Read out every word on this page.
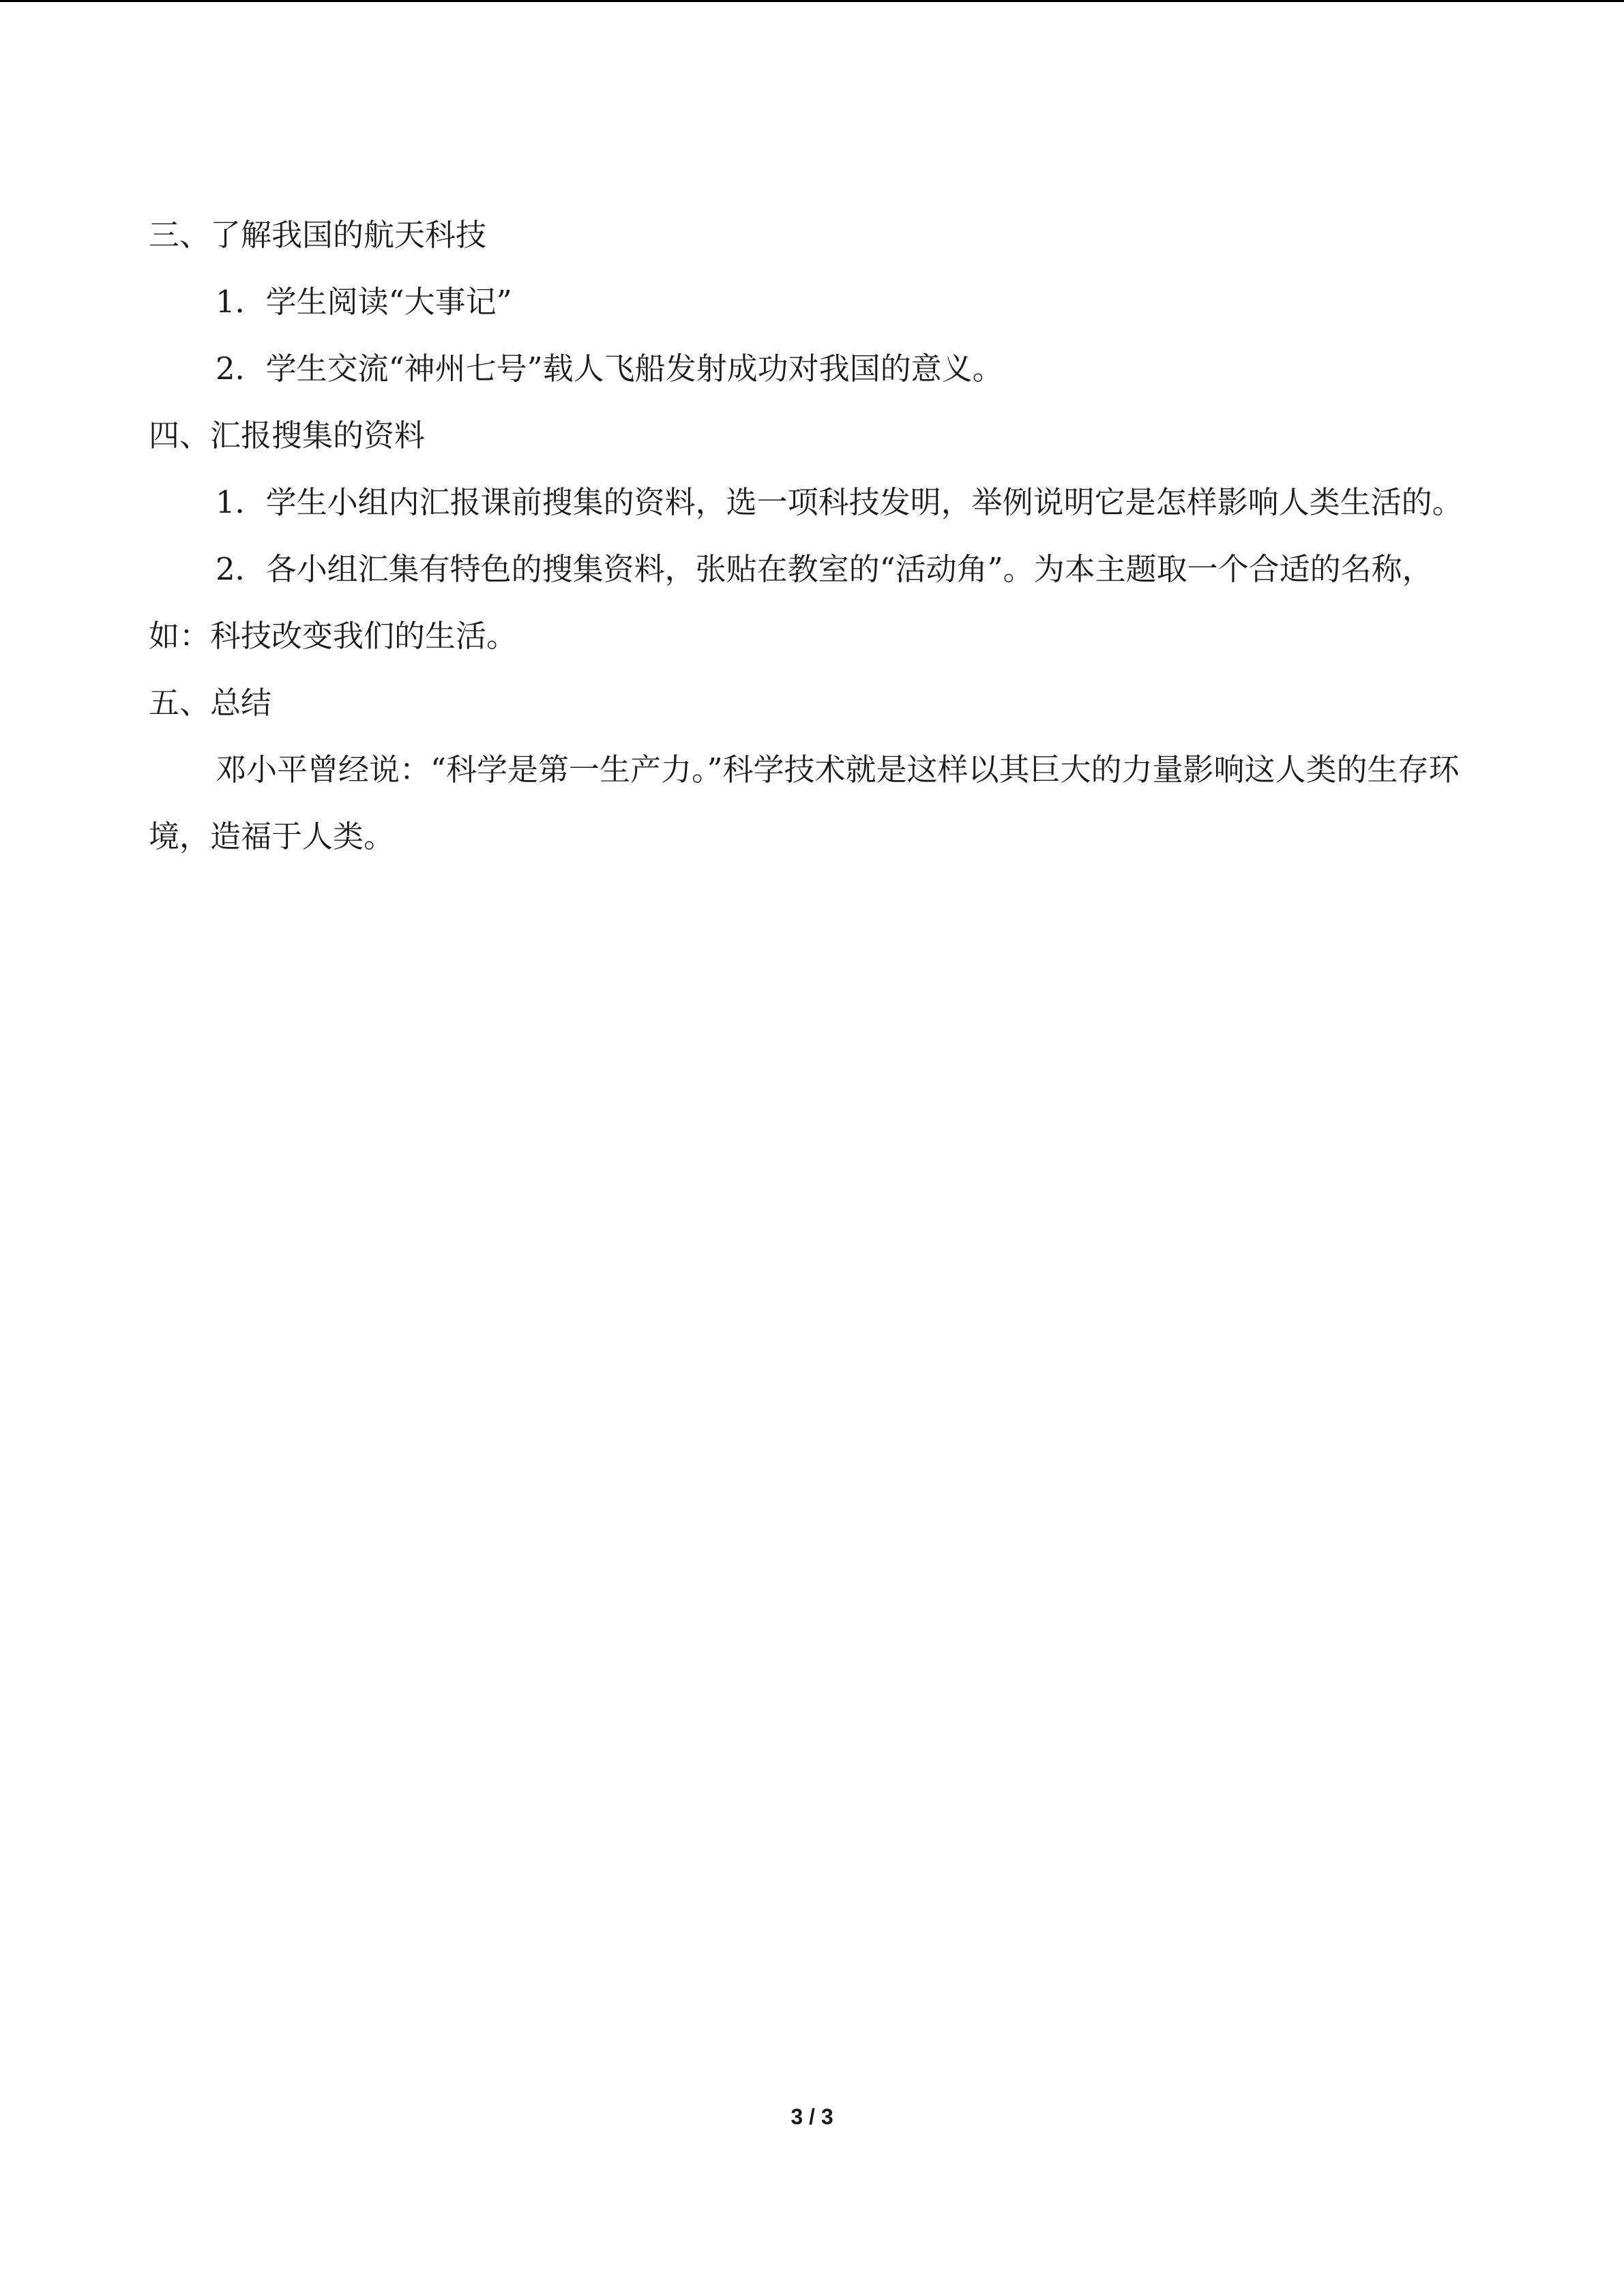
三、了解我国的航天科技

1．学生阅读“大事记”

2．学生交流“神州七号”载人飞船发射成功对我国的意义。

四、汇报搜集的资料

1．学生小组内汇报课前搜集的资料，选一项科技发明，举例说明它是怎样影响人类生活的。

2．各小组汇集有特色的搜集资料，张贴在教室的“活动角”。为本主题取一个合适的名称，如：科技改变我们的生活。

五、总结

邓小平曾经说：“科学是第一生产力。”科学技术就是这样以其巨大的力量影响这人类的生存环境，造福于人类。

3 / 3
